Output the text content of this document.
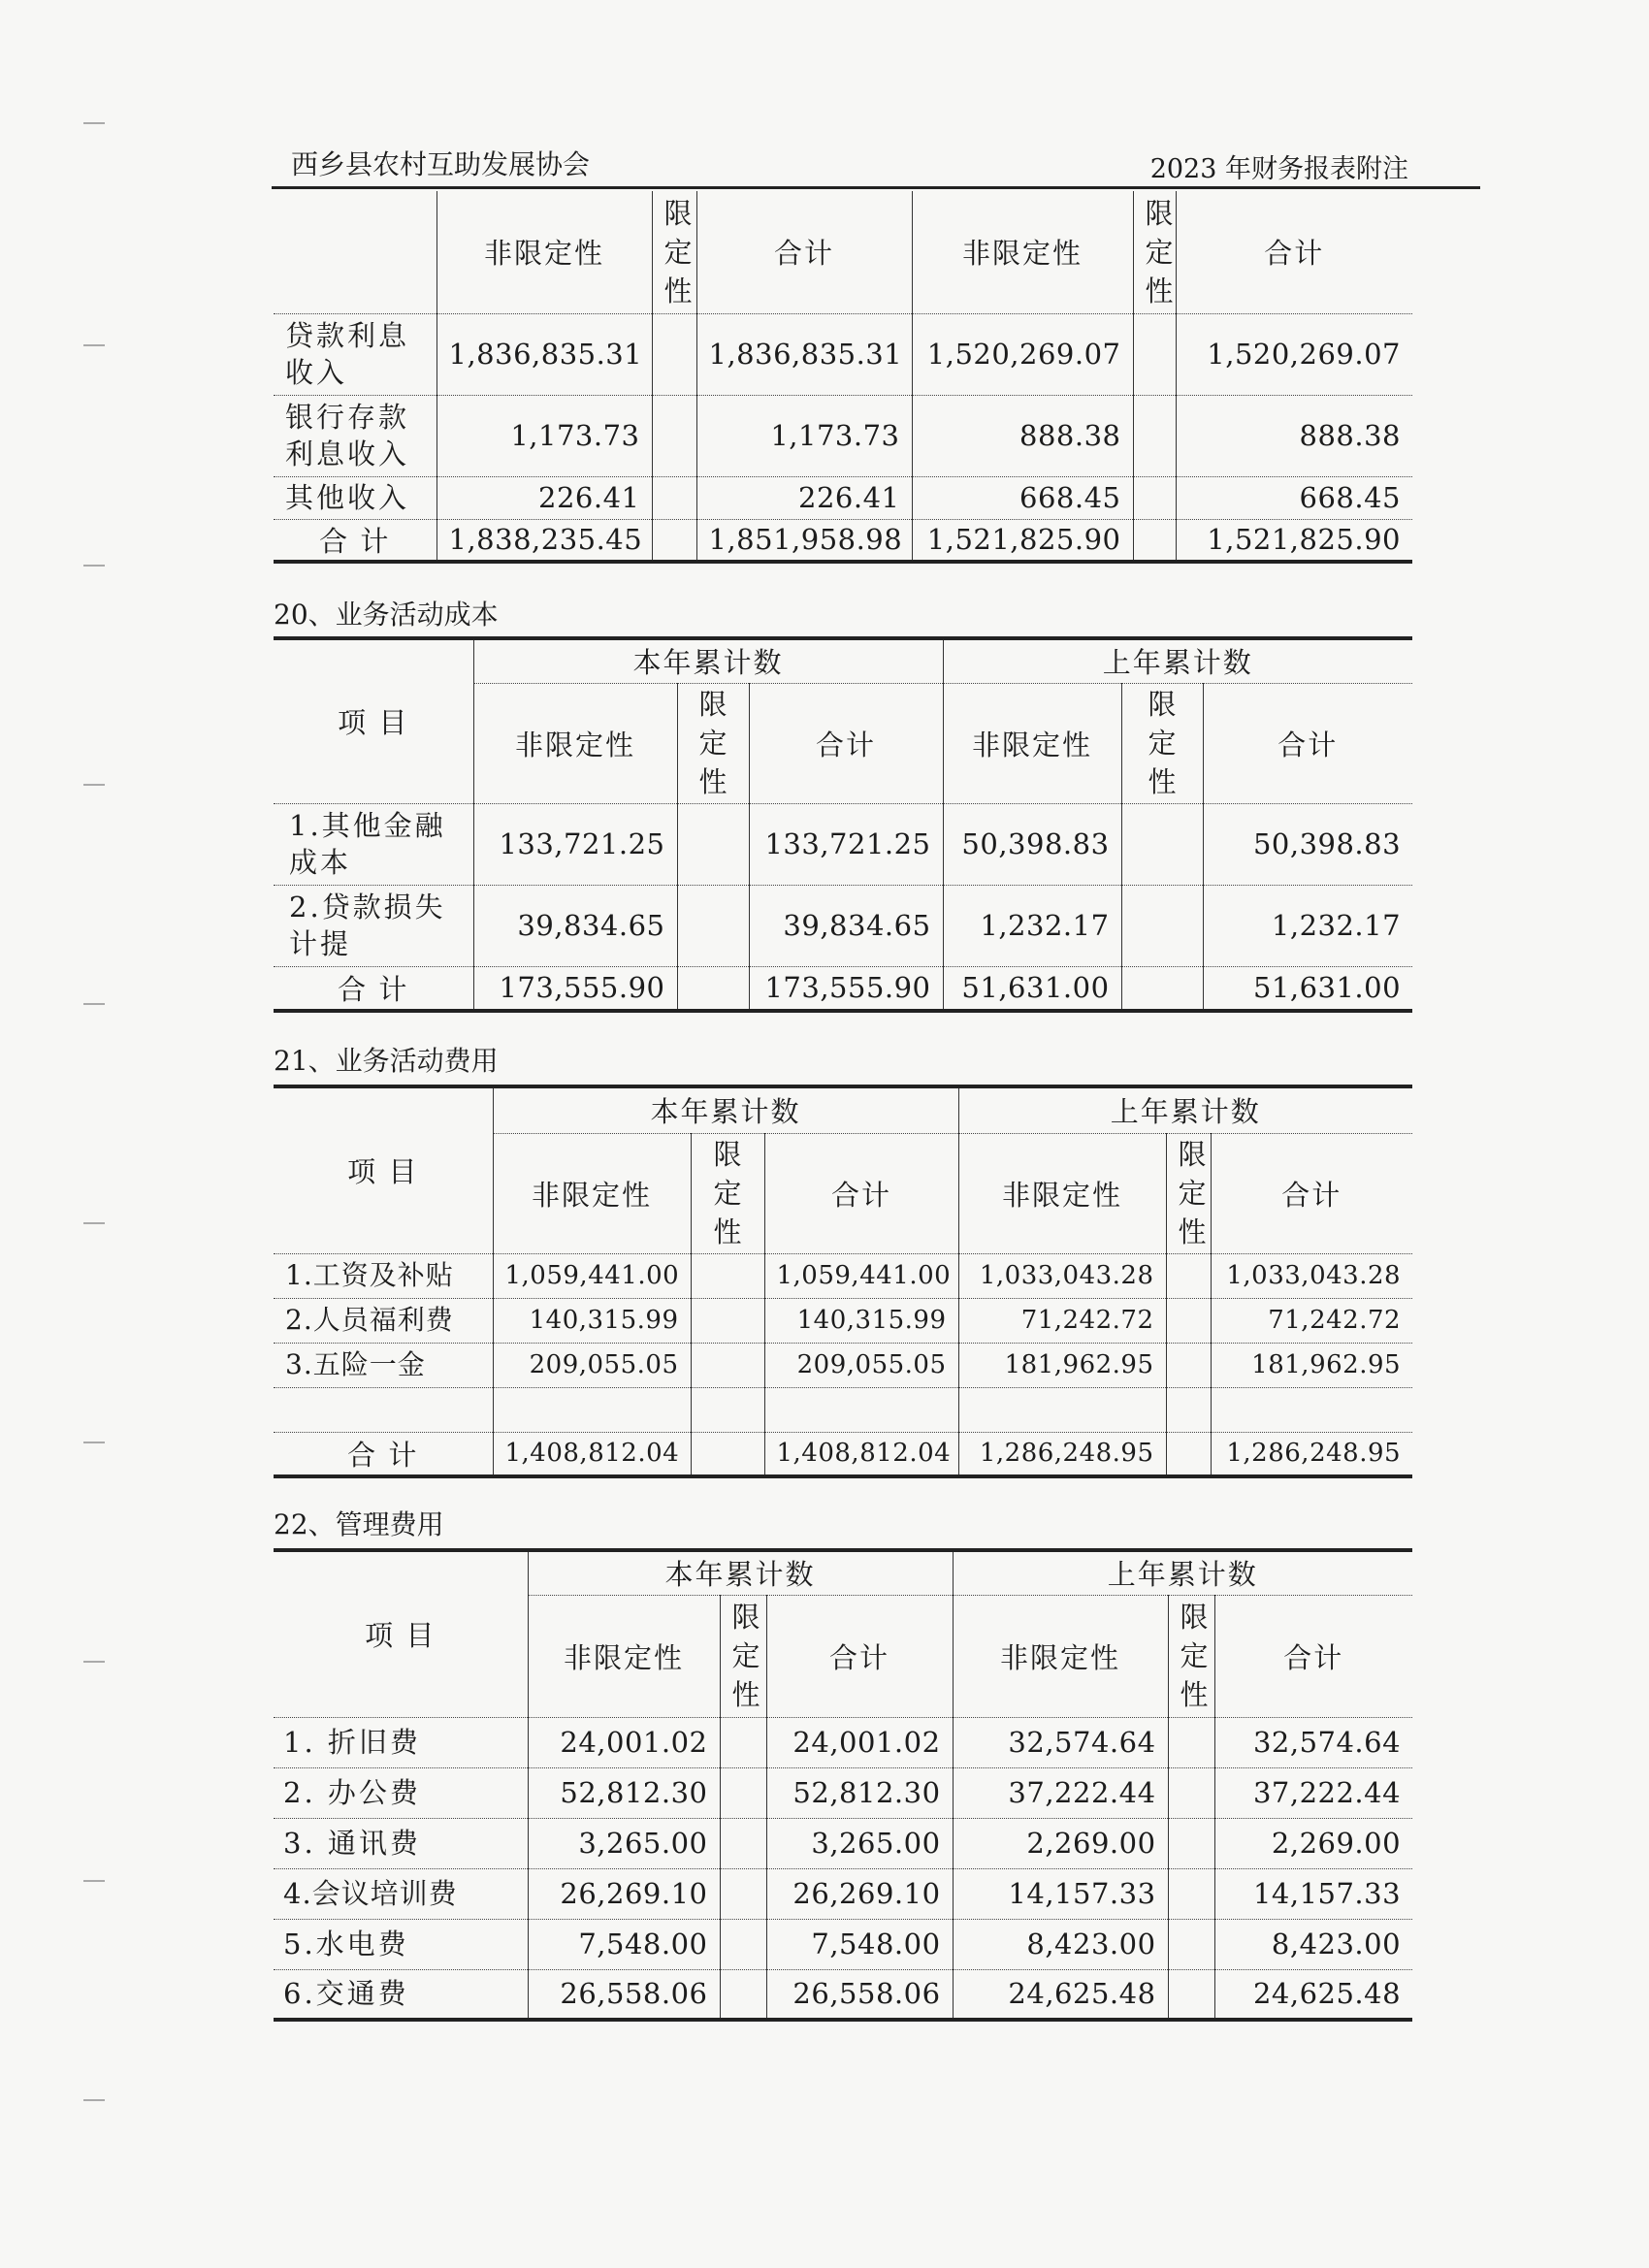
西乡县农村互助发展协会	2023 年财务报表附注
	非限定性	限
定
性	合计	非限定性	限
定
性	合计
贷款利息收入	1,836,835.31		1,836,835.31	1,520,269.07		1,520,269.07
银行存款利息收入	1,173.73		1,173.73	888.38		888.38
其他收入	226.41		226.41	668.45		668.45
合 计	1,838,235.45		1,851,958.98	1,521,825.90		1,521,825.90
20、业务活动成本
项 目	本年累计数			上年累计数		
	非限定性	限
定
性	合计	非限定性	限
定
性	合计
1.其他金融成本	133,721.25		133,721.25	50,398.83		50,398.83
2.贷款损失计提	39,834.65		39,834.65	1,232.17		1,232.17
合 计	173,555.90		173,555.90	51,631.00		51,631.00
21、业务活动费用
项 目	本年累计数			上年累计数		
	非限定性	限
定
性	合计	非限定性	限
定
性	合计
1.工资及补贴	1,059,441.00		1,059,441.00	1,033,043.28		1,033,043.28
2.人员福利费	140,315.99		140,315.99	71,242.72		71,242.72
3.五险一金	209,055.05		209,055.05	181,962.95		181,962.95

合 计	1,408,812.04		1,408,812.04	1,286,248.95		1,286,248.95
22、管理费用
项 目	本年累计数			上年累计数		
	非限定性	限
定
性	合计	非限定性	限
定
性	合计
1. 折旧费	24,001.02		24,001.02	32,574.64		32,574.64
2. 办公费	52,812.30		52,812.30	37,222.44		37,222.44
3. 通讯费	3,265.00		3,265.00	2,269.00		2,269.00
4.会议培训费	26,269.10		26,269.10	14,157.33		14,157.33
5.水电费	7,548.00		7,548.00	8,423.00		8,423.00
6.交通费	26,558.06		26,558.06	24,625.48		24,625.48
